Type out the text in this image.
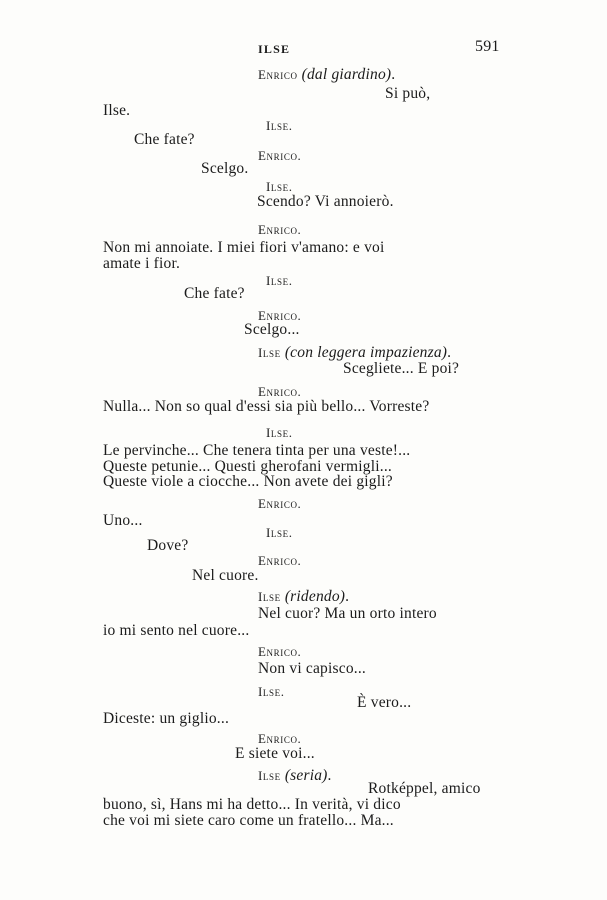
ILSE	591
Enrico (dal giardino).
Si può,
Ilse.
Ilse.
Che fate?
Enrico.
Scelgo.
Ilse.
Scendo? Vi annoierò.
Enrico.
Non mi annoiate. I miei fiori v'amano: e voi
amate i fior.
Ilse.
Che fate?
Enrico.
Scelgo...
Ilse (con leggera impazienza).
Scegliete... E poi?
Enrico.
Nulla... Non so qual d'essi sia più bello... Vorreste?
Ilse.
Le pervinche... Che tenera tinta per una veste!...
Queste petunie... Questi gherofani vermigli...
Queste viole a ciocche... Non avete dei gigli?
Enrico.
Uno...
Ilse.
Dove?
Enrico.
Nel cuore.
Ilse (ridendo).
Nel cuor? Ma un orto intero
io mi sento nel cuore...
Enrico.
Non vi capisco...
Ilse.
È vero...
Diceste: un giglio...
Enrico.
E siete voi...
Ilse (seria).
Rotképpel, amico
buono, sì, Hans mi ha detto... In verità, vi dico
che voi mi siete caro come un fratello... Ma...
